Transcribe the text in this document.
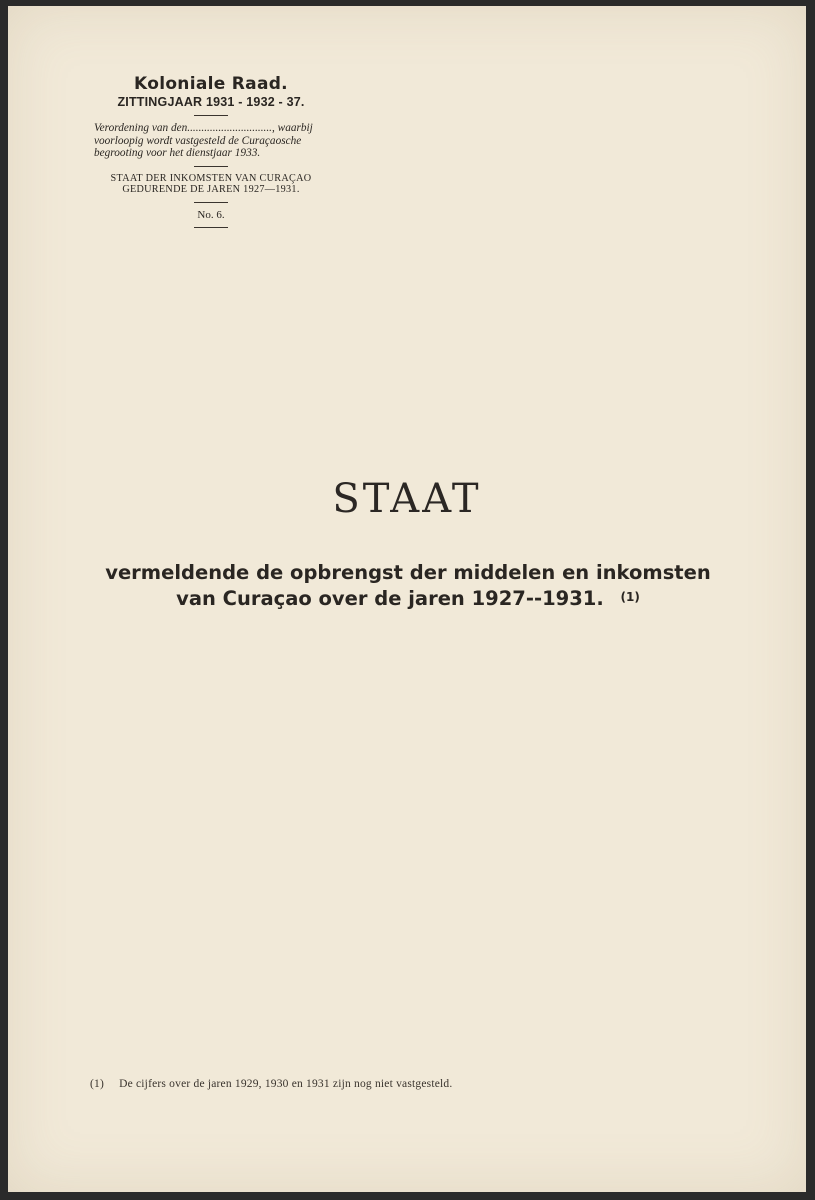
Koloniale Raad.
ZITTINGJAAR 1931 - 1932 - 37.
Verordening van den.............................., waarbij voorloopig wordt vastgesteld de Curaçaosche begrooting voor het dienstjaar 1933.
STAAT DER INKOMSTEN VAN CURAÇAO GEDURENDE DE JAREN 1927—1931.
No. 6.
STAAT
vermeldende de opbrengst der middelen en inkomsten
van Curaçao over de jaren 1927--1931. $^{(1)}$
(1) De cijfers over de jaren 1929, 1930 en 1931 zijn nog niet vastgesteld.
